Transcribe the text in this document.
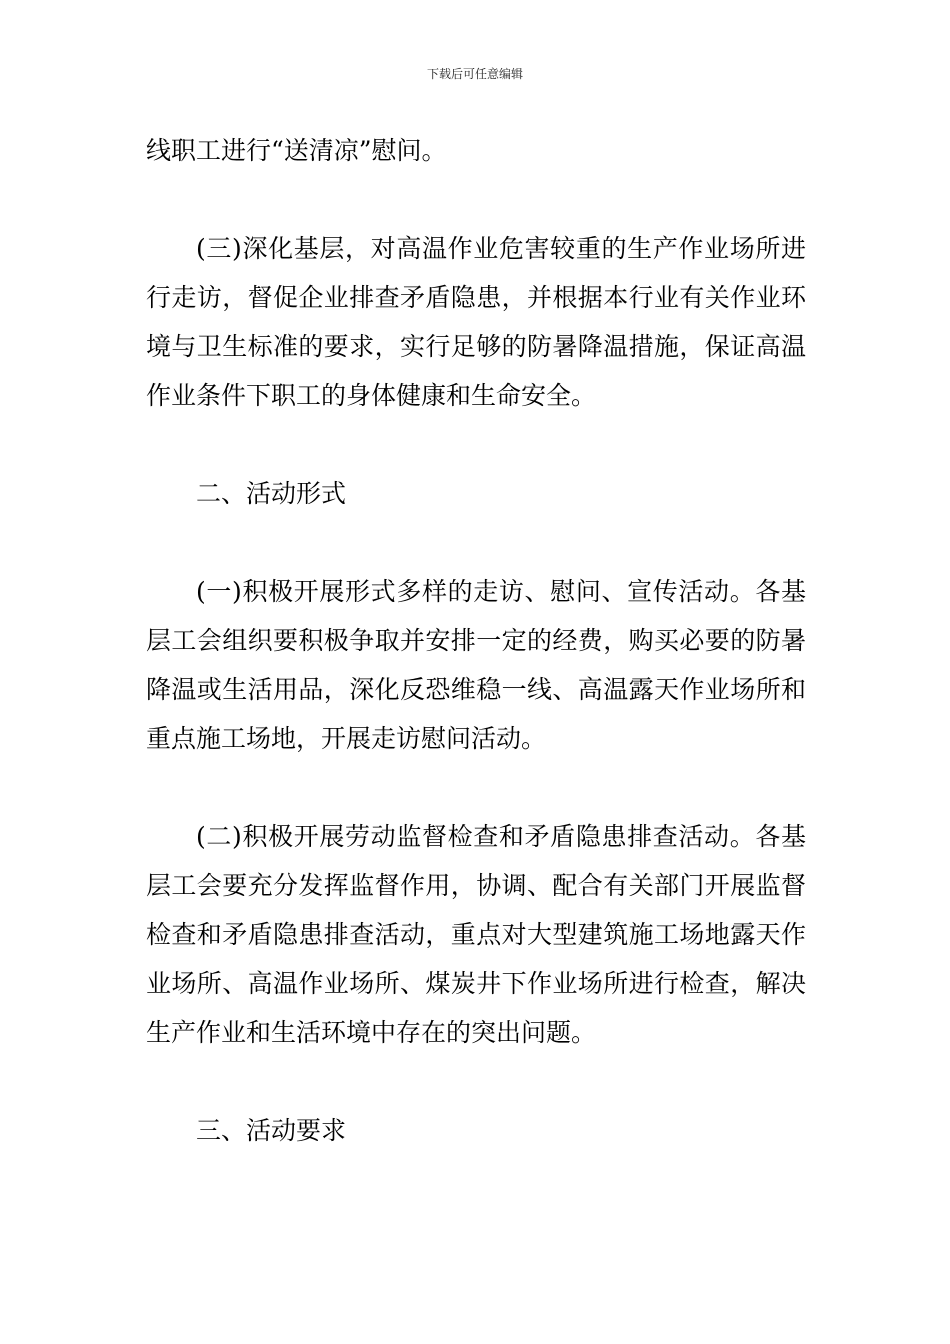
下载后可任意编辑

线职工进行“送清凉”慰问。

(三)深化基层，对高温作业危害较重的生产作业场所进行走访，督促企业排查矛盾隐患，并根据本行业有关作业环境与卫生标准的要求，实行足够的防暑降温措施，保证高温作业条件下职工的身体健康和生命安全。

二、活动形式

(一)积极开展形式多样的走访、慰问、宣传活动。各基层工会组织要积极争取并安排一定的经费，购买必要的防暑降温或生活用品，深化反恐维稳一线、高温露天作业场所和重点施工场地，开展走访慰问活动。

(二)积极开展劳动监督检查和矛盾隐患排查活动。各基层工会要充分发挥监督作用，协调、配合有关部门开展监督检查和矛盾隐患排查活动，重点对大型建筑施工场地露天作业场所、高温作业场所、煤炭井下作业场所进行检查，解决生产作业和生活环境中存在的突出问题。

三、活动要求
